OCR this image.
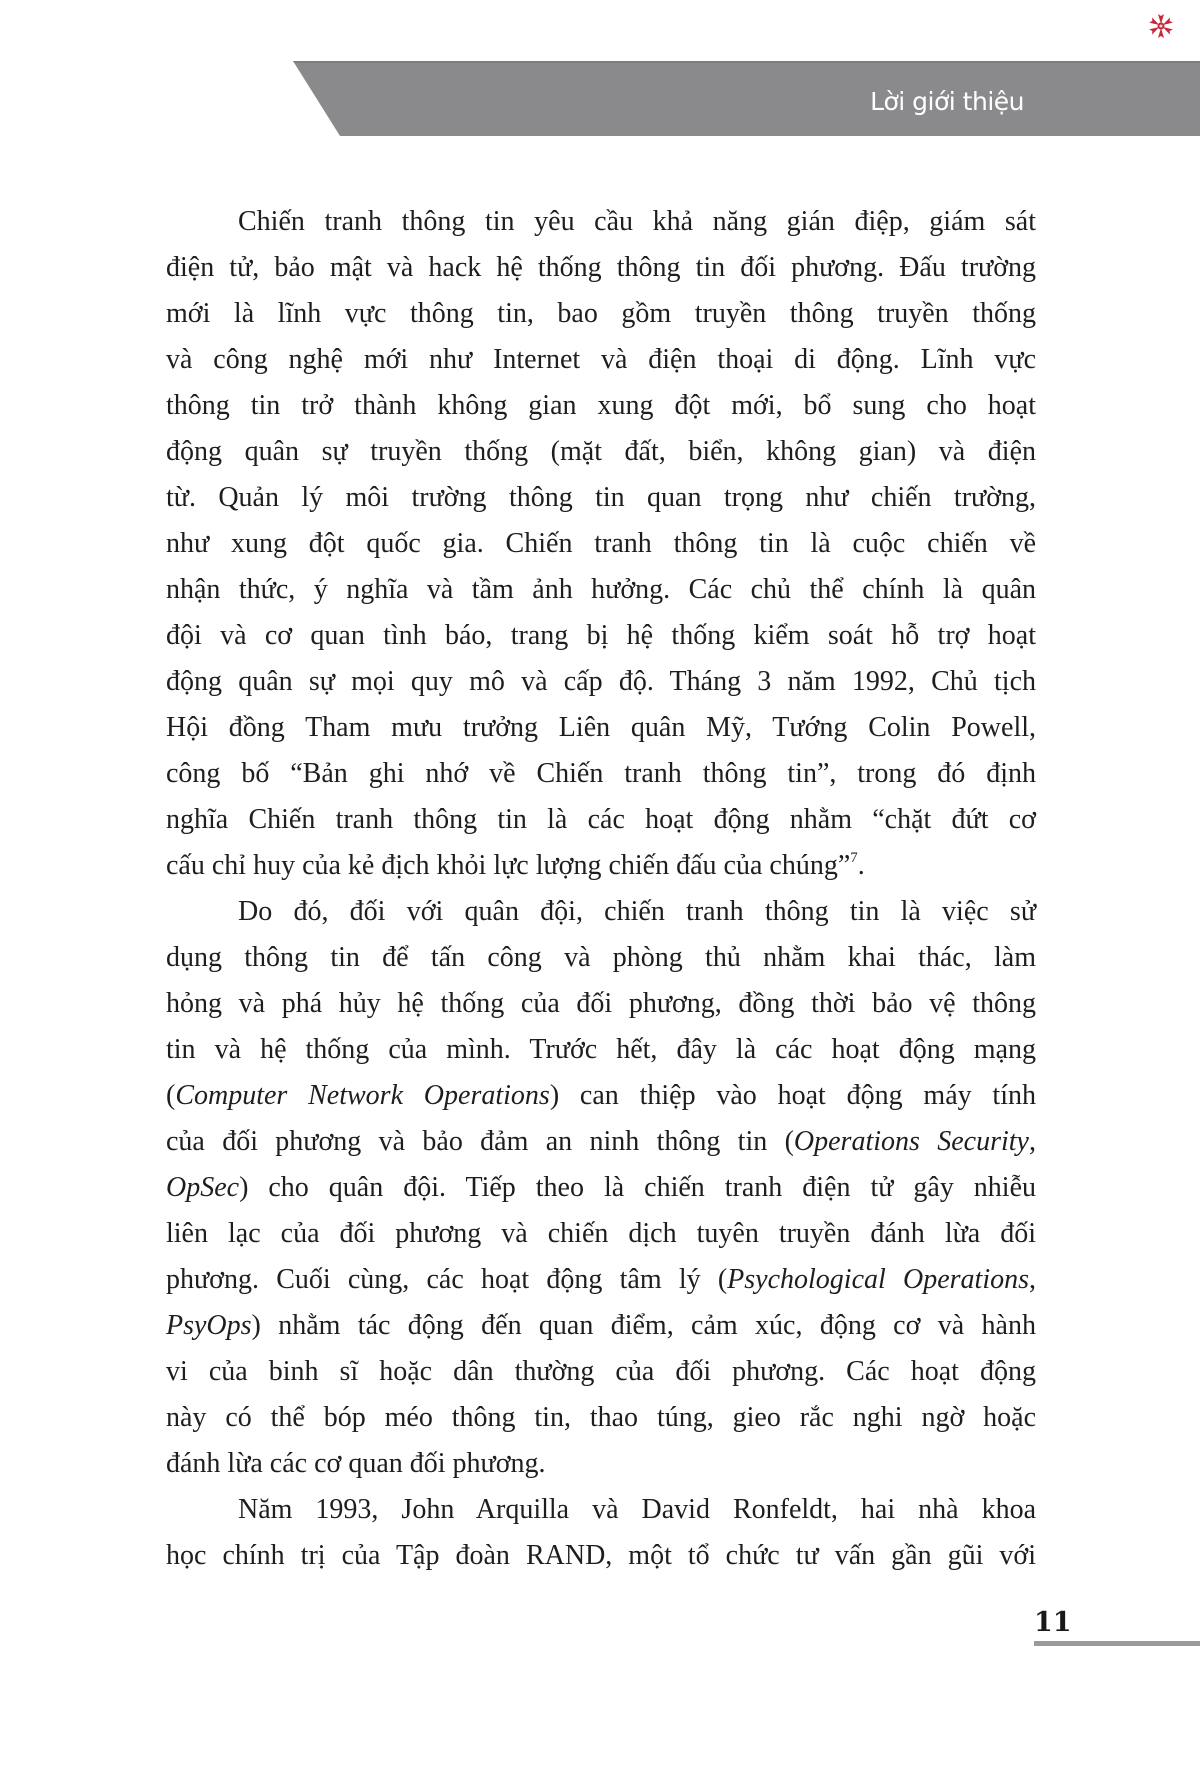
Lời giới thiệu

Chiến tranh thông tin yêu cầu khả năng gián điệp, giám sát
điện tử, bảo mật và hack hệ thống thông tin đối phương. Đấu trường
mới là lĩnh vực thông tin, bao gồm truyền thông truyền thống
và công nghệ mới như Internet và điện thoại di động. Lĩnh vực
thông tin trở thành không gian xung đột mới, bổ sung cho hoạt
động quân sự truyền thống (mặt đất, biển, không gian) và điện
từ. Quản lý môi trường thông tin quan trọng như chiến trường,
như xung đột quốc gia. Chiến tranh thông tin là cuộc chiến về
nhận thức, ý nghĩa và tầm ảnh hưởng. Các chủ thể chính là quân
đội và cơ quan tình báo, trang bị hệ thống kiểm soát hỗ trợ hoạt
động quân sự mọi quy mô và cấp độ. Tháng 3 năm 1992, Chủ tịch
Hội đồng Tham mưu trưởng Liên quân Mỹ, Tướng Colin Powell,
công bố “Bản ghi nhớ về Chiến tranh thông tin”, trong đó định
nghĩa Chiến tranh thông tin là các hoạt động nhằm “chặt đứt cơ
cấu chỉ huy của kẻ địch khỏi lực lượng chiến đấu của chúng”$^7$.

Do đó, đối với quân đội, chiến tranh thông tin là việc sử
dụng thông tin để tấn công và phòng thủ nhằm khai thác, làm
hỏng và phá hủy hệ thống của đối phương, đồng thời bảo vệ thông
tin và hệ thống của mình. Trước hết, đây là các hoạt động mạng
(Computer Network Operations) can thiệp vào hoạt động máy tính
của đối phương và bảo đảm an ninh thông tin (Operations Security,
OpSec) cho quân đội. Tiếp theo là chiến tranh điện tử gây nhiễu
liên lạc của đối phương và chiến dịch tuyên truyền đánh lừa đối
phương. Cuối cùng, các hoạt động tâm lý (Psychological Operations,
PsyOps) nhằm tác động đến quan điểm, cảm xúc, động cơ và hành
vi của binh sĩ hoặc dân thường của đối phương. Các hoạt động
này có thể bóp méo thông tin, thao túng, gieo rắc nghi ngờ hoặc
đánh lừa các cơ quan đối phương.

Năm 1993, John Arquilla và David Ronfeldt, hai nhà khoa
học chính trị của Tập đoàn RAND, một tổ chức tư vấn gần gũi với

11
